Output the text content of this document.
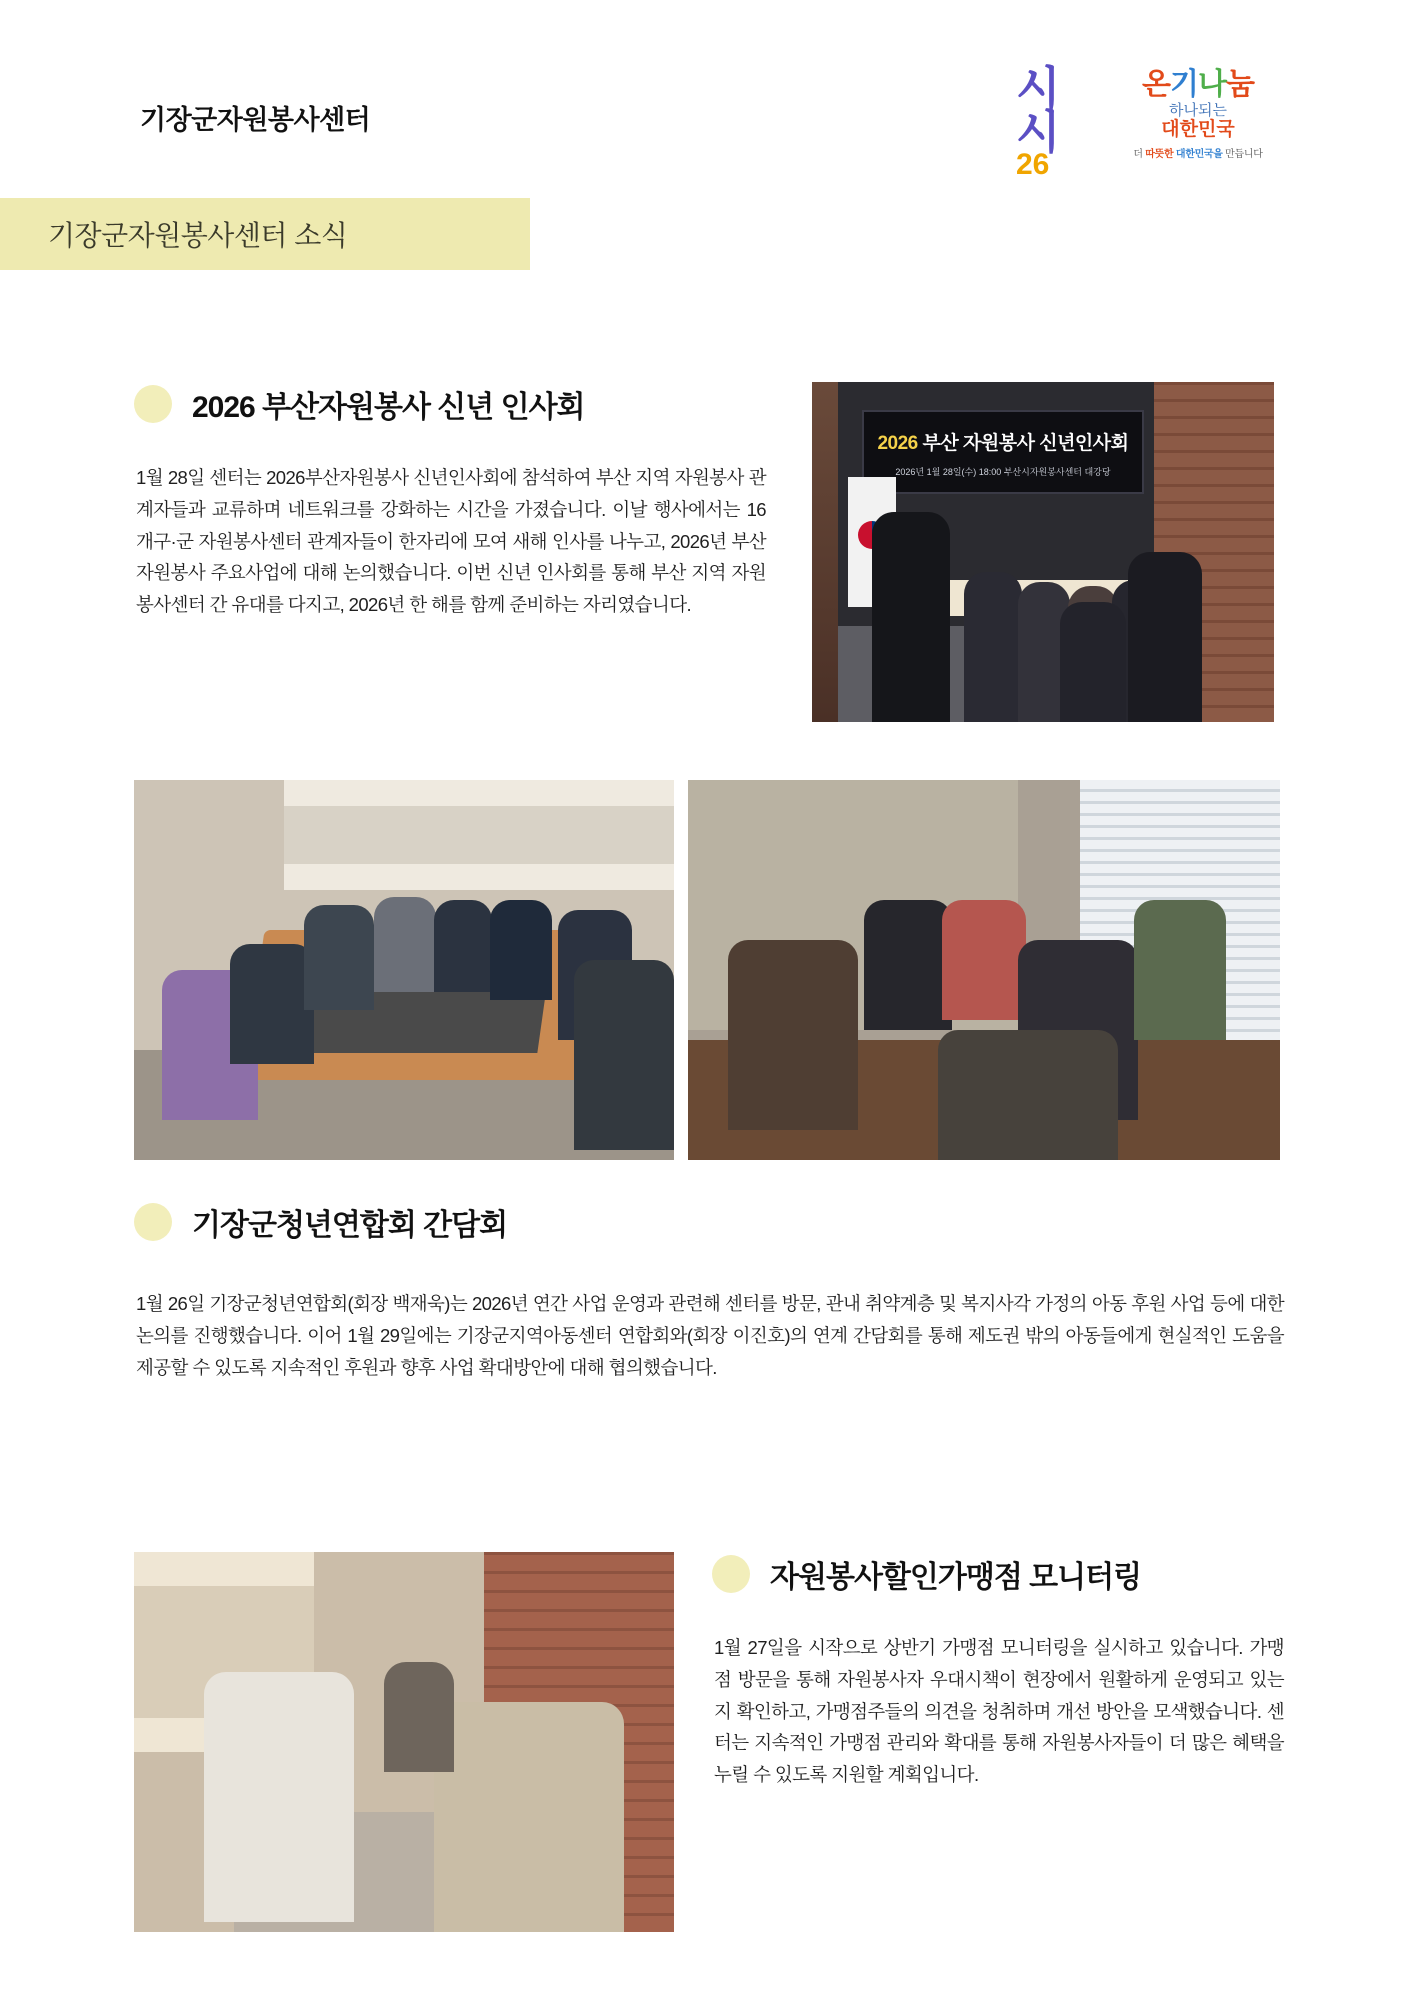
기장군자원봉사센터
시시
26
온기나눔
하나되는
대한민국
더 따뜻한 대한민국을 만듭니다
기장군자원봉사센터 소식
2026 부산자원봉사 신년 인사회
1월 28일 센터는 2026부산자원봉사 신년인사회에 참석하여 부산 지역 자원봉사 관계자들과 교류하며 네트워크를 강화하는 시간을 가졌습니다. 이날 행사에서는 16개구·군 자원봉사센터 관계자들이 한자리에 모여 새해 인사를 나누고, 2026년 부산 자원봉사 주요사업에 대해 논의했습니다. 이번 신년 인사회를 통해 부산 지역 자원봉사센터 간 유대를 다지고, 2026년 한 해를 함께 준비하는 자리였습니다.
2026 부산 자원봉사 신년인사회
2026년 1월 28일(수) 18:00 부산시자원봉사센터 대강당
기장군청년연합회 간담회
1월 26일 기장군청년연합회(회장 백재욱)는 2026년 연간 사업 운영과 관련해 센터를 방문, 관내 취약계층 및 복지사각 가정의 아동 후원 사업 등에 대한 논의를 진행했습니다. 이어 1월 29일에는 기장군지역아동센터 연합회와(회장 이진호)의 연계 간담회를 통해 제도권 밖의 아동들에게 현실적인 도움을 제공할 수 있도록 지속적인 후원과 향후 사업 확대방안에 대해 협의했습니다.
자원봉사할인가맹점 모니터링
1월 27일을 시작으로 상반기 가맹점 모니터링을 실시하고 있습니다. 가맹점 방문을 통해 자원봉사자 우대시책이 현장에서 원활하게 운영되고 있는지 확인하고, 가맹점주들의 의견을 청취하며 개선 방안을 모색했습니다. 센터는 지속적인 가맹점 관리와 확대를 통해 자원봉사자들이 더 많은 혜택을 누릴 수 있도록 지원할 계획입니다.
